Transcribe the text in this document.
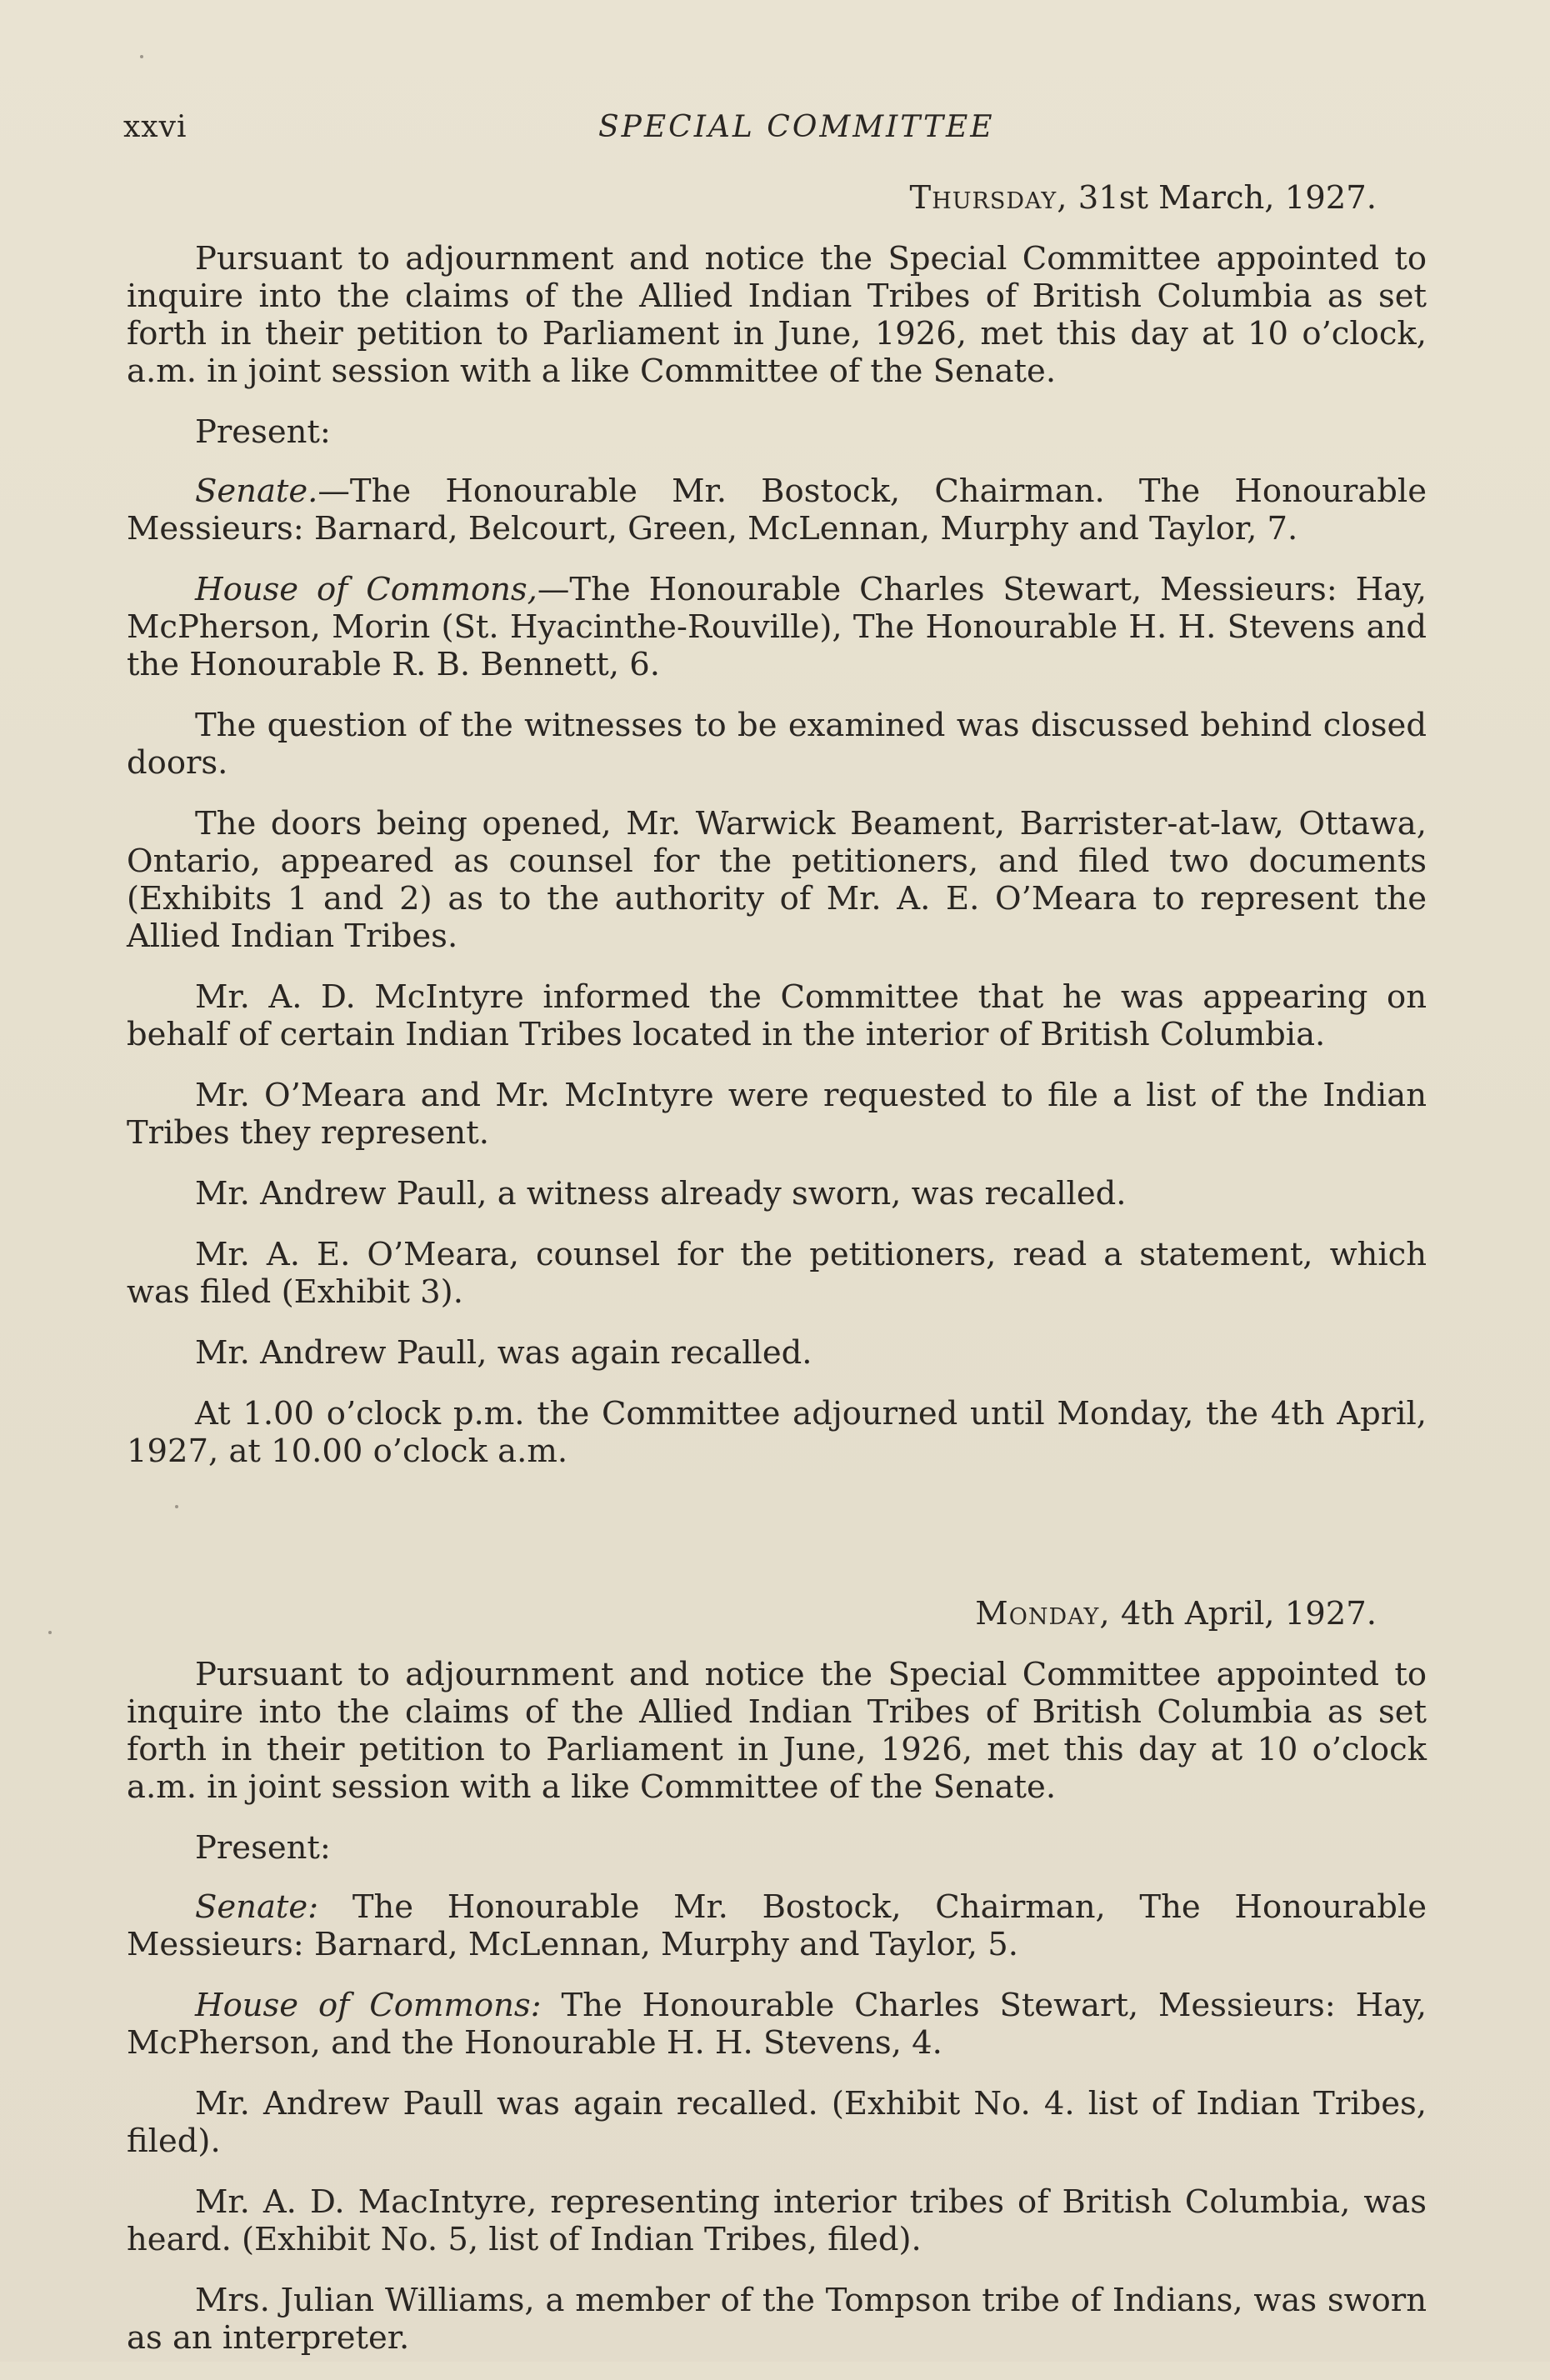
xxvi	SPECIAL COMMITTEE
Thursday, 31st March, 1927.

Pursuant to adjournment and notice the Special Committee appointed to inquire into the claims of the Allied Indian Tribes of British Columbia as set forth in their petition to Parliament in June, 1926, met this day at 10 o’clock, a.m. in joint session with a like Committee of the Senate.

Present:

Senate.—The Honourable Mr. Bostock, Chairman. The Honourable Messieurs: Barnard, Belcourt, Green, McLennan, Murphy and Taylor, 7.

House of Commons,—The Honourable Charles Stewart, Messieurs: Hay, McPherson, Morin (St. Hyacinthe-Rouville), The Honourable H. H. Stevens and the Honourable R. B. Bennett, 6.

The question of the witnesses to be examined was discussed behind closed doors.

The doors being opened, Mr. Warwick Beament, Barrister-at-law, Ottawa, Ontario, appeared as counsel for the petitioners, and filed two documents (Exhibits 1 and 2) as to the authority of Mr. A. E. O’Meara to represent the Allied Indian Tribes.

Mr. A. D. McIntyre informed the Committee that he was appearing on behalf of certain Indian Tribes located in the interior of British Columbia.

Mr. O’Meara and Mr. McIntyre were requested to file a list of the Indian Tribes they represent.

Mr. Andrew Paull, a witness already sworn, was recalled.

Mr. A. E. O’Meara, counsel for the petitioners, read a statement, which was filed (Exhibit 3).

Mr. Andrew Paull, was again recalled.

At 1.00 o’clock p.m. the Committee adjourned until Monday, the 4th April, 1927, at 10.00 o’clock a.m.

Monday, 4th April, 1927.

Pursuant to adjournment and notice the Special Committee appointed to inquire into the claims of the Allied Indian Tribes of British Columbia as set forth in their petition to Parliament in June, 1926, met this day at 10 o’clock a.m. in joint session with a like Committee of the Senate.

Present:

Senate: The Honourable Mr. Bostock, Chairman, The Honourable Messieurs: Barnard, McLennan, Murphy and Taylor, 5.

House of Commons: The Honourable Charles Stewart, Messieurs: Hay, McPherson, and the Honourable H. H. Stevens, 4.

Mr. Andrew Paull was again recalled. (Exhibit No. 4. list of Indian Tribes, filed).

Mr. A. D. MacIntyre, representing interior tribes of British Columbia, was heard. (Exhibit No. 5, list of Indian Tribes, filed).

Mrs. Julian Williams, a member of the Tompson tribe of Indians, was sworn as an interpreter.
